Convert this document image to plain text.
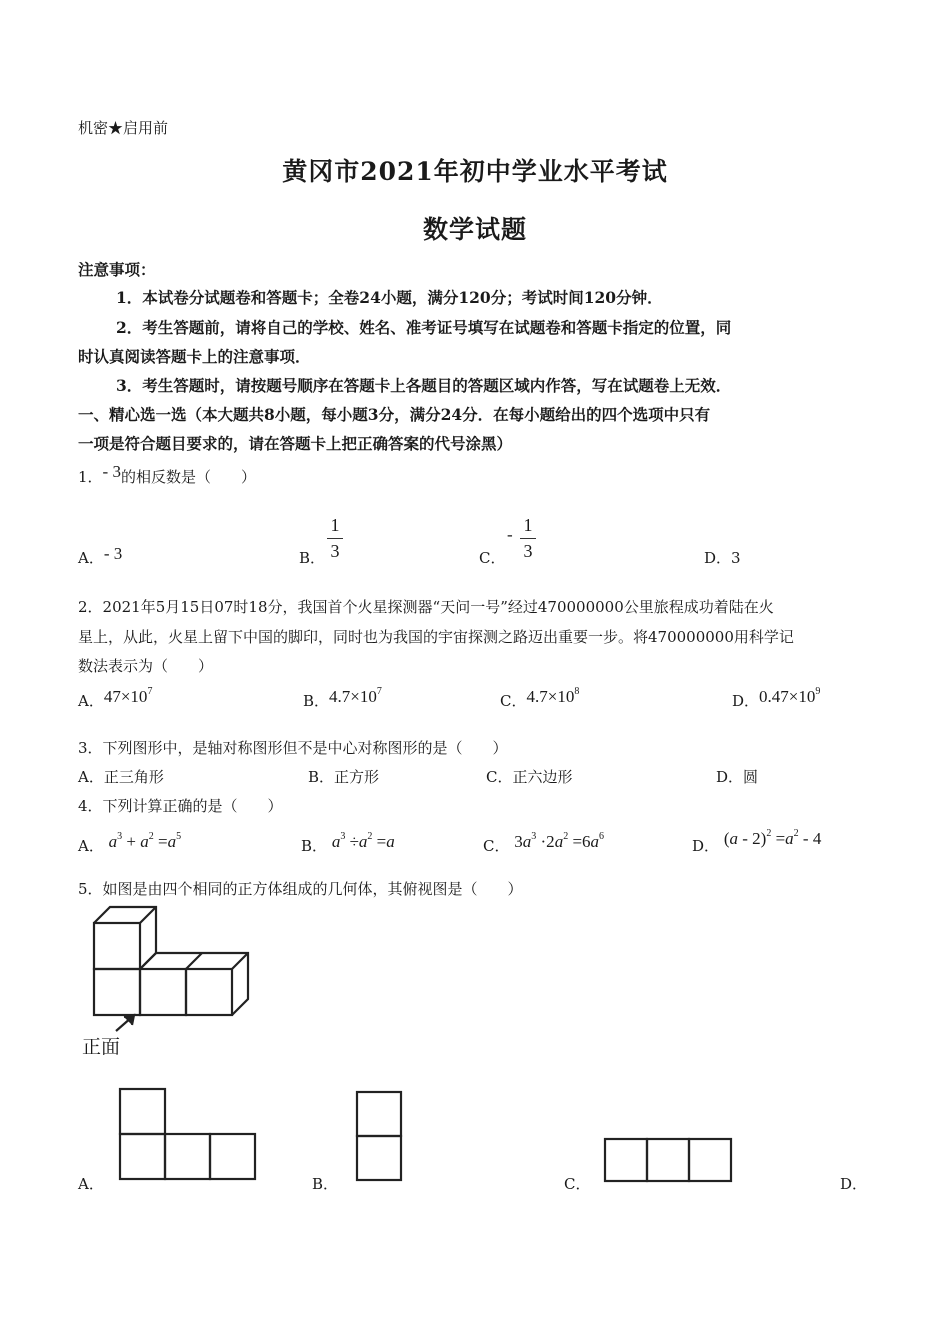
机密★启用前
黄冈市2021年初中学业水平考试
数学试题
注意事项：
1．本试卷分试题卷和答题卡；全卷24小题，满分120分；考试时间120分钟．
2．考生答题前，请将自己的学校、姓名、准考证号填写在试题卷和答题卡指定的位置，同
时认真阅读答题卡上的注意事项．
3．考生答题时，请按题号顺序在答题卡上各题目的答题区域内作答，写在试题卷上无效．
一、精心选一选（本大题共8小题，每小题3分，满分24分．在每小题给出的四个选项中只有
一项是符合题目要求的，请在答题卡上把正确答案的代号涂黑）
1．- 3的相反数是（　　）
A．- 3	B．
1
3	C．
- 1
3	D．3
2．2021年5月15日07时18分，我国首个火星探测器“天问一号”经过470000000公里旅程成功着陆在火
星上，从此，火星上留下中国的脚印，同时也为我国的宇宙探测之路迈出重要一步。将470000000用科学记
数法表示为（　　）
A．$47\times 10^7$
B．$4.7\times 10^7$
C．$4.7\times 10^8$
D．$0.47\times 10^9$
3．下列图形中，是轴对称图形但不是中心对称图形的是（　　）
A．正三角形	B．正方形	C．正六边形	D．圆
4．下列计算正确的是（　　）
A． $a^3 + a^2 =a^5$
B． $a^3 \div a^2 =a$	C． $3a^3 \cdot 2a^2 =6a^6$
D． $(a - 2)^2 =a^2 - 4$
5．如图是由四个相同的正方体组成的几何体，其俯视图是（　　）
正面
A．	B．	C．	D．
